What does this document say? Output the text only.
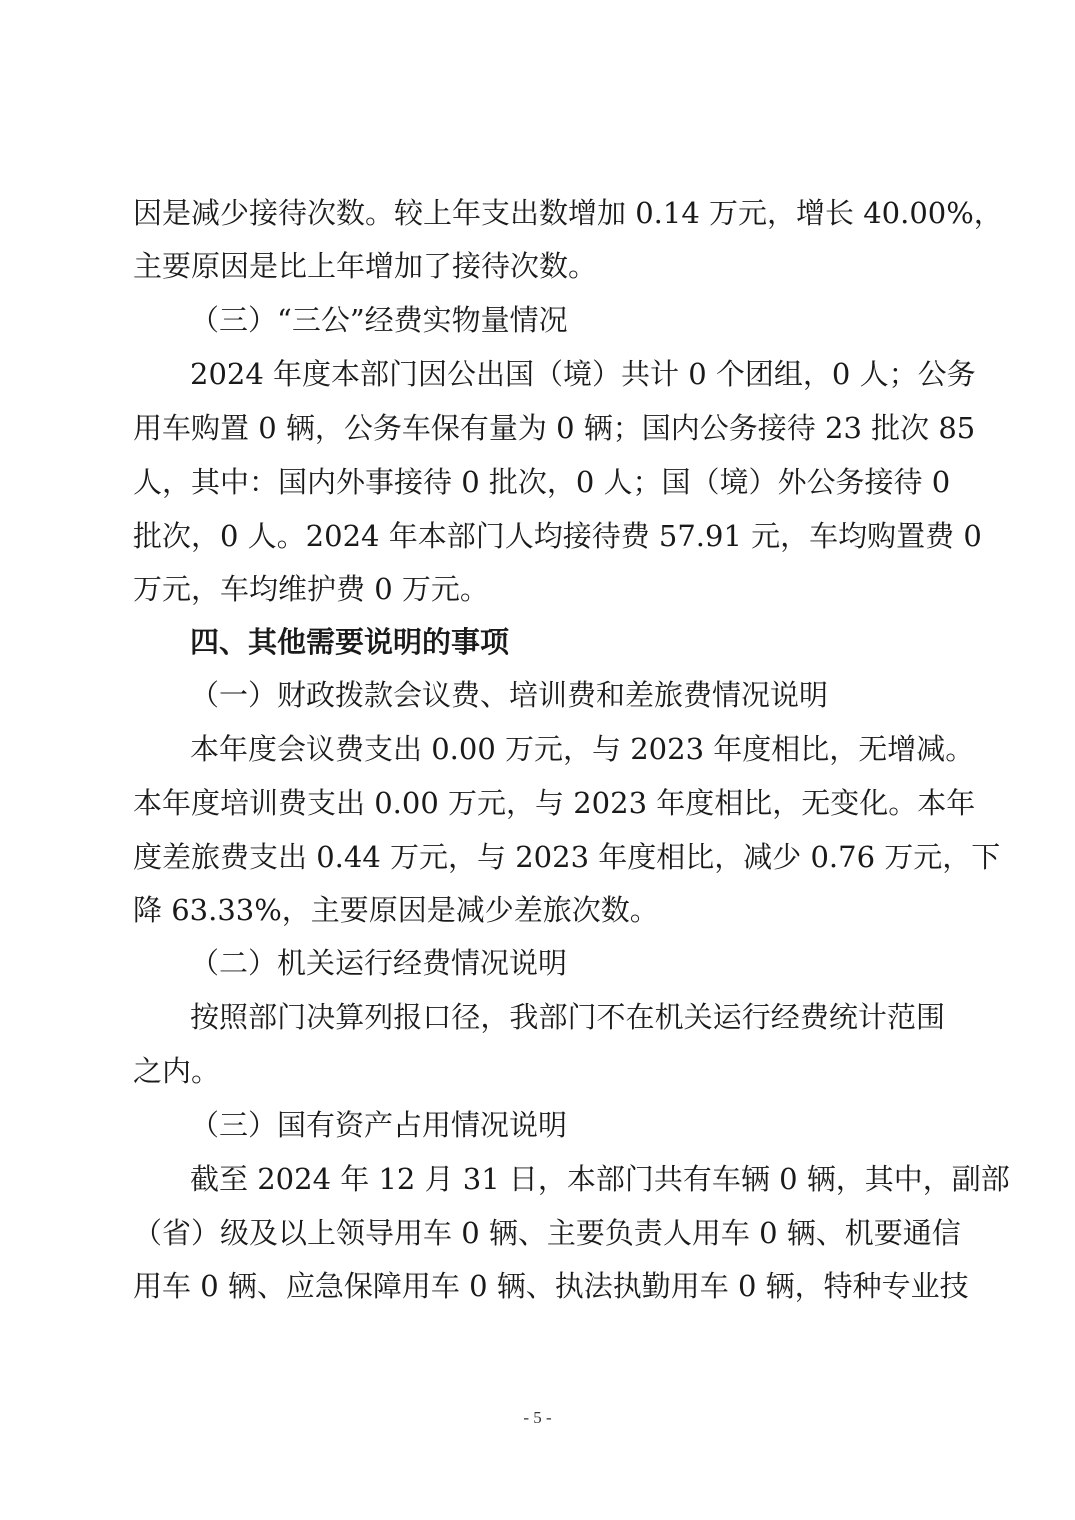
因是减少接待次数。较上年支出数增加 0.14 万元，增长 40.00%，
主要原因是比上年增加了接待次数。
（三）“三公”经费实物量情况
2024 年度本部门因公出国（境）共计 0 个团组，0 人；公务
用车购置 0 辆，公务车保有量为 0 辆；国内公务接待 23 批次 85
人，其中：国内外事接待 0 批次，0 人；国（境）外公务接待 0
批次，0 人。2024 年本部门人均接待费 57.91 元，车均购置费 0
万元，车均维护费 0 万元。
四、其他需要说明的事项
（一）财政拨款会议费、培训费和差旅费情况说明
本年度会议费支出 0.00 万元，与 2023 年度相比，无增减。
本年度培训费支出 0.00 万元，与 2023 年度相比，无变化。本年
度差旅费支出 0.44 万元，与 2023 年度相比，减少 0.76 万元，下
降 63.33%，主要原因是减少差旅次数。
（二）机关运行经费情况说明
按照部门决算列报口径，我部门不在机关运行经费统计范围
之内。
（三）国有资产占用情况说明
截至 2024 年 12 月 31 日，本部门共有车辆 0 辆，其中，副部
（省）级及以上领导用车 0 辆、主要负责人用车 0 辆、机要通信
用车 0 辆、应急保障用车 0 辆、执法执勤用车 0 辆，特种专业技
- 5 -
